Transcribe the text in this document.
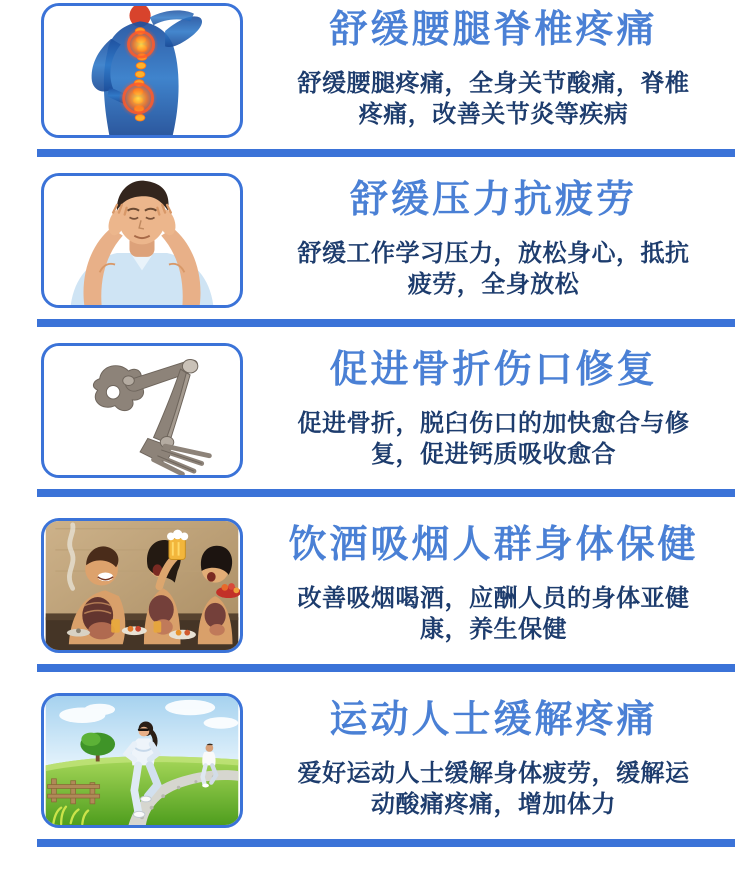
舒缓腰腿脊椎疼痛

舒缓腰腿疼痛，全身关节酸痛，脊椎
疼痛，改善关节炎等疾病

舒缓压力抗疲劳

舒缓工作学习压力，放松身心，抵抗
疲劳，全身放松

促进骨折伤口修复

促进骨折，脱臼伤口的加快愈合与修
复，促进钙质吸收愈合

饮酒吸烟人群身体保健

改善吸烟喝酒，应酬人员的身体亚健
康，养生保健

运动人士缓解疼痛

爱好运动人士缓解身体疲劳，缓解运
动酸痛疼痛，增加体力
